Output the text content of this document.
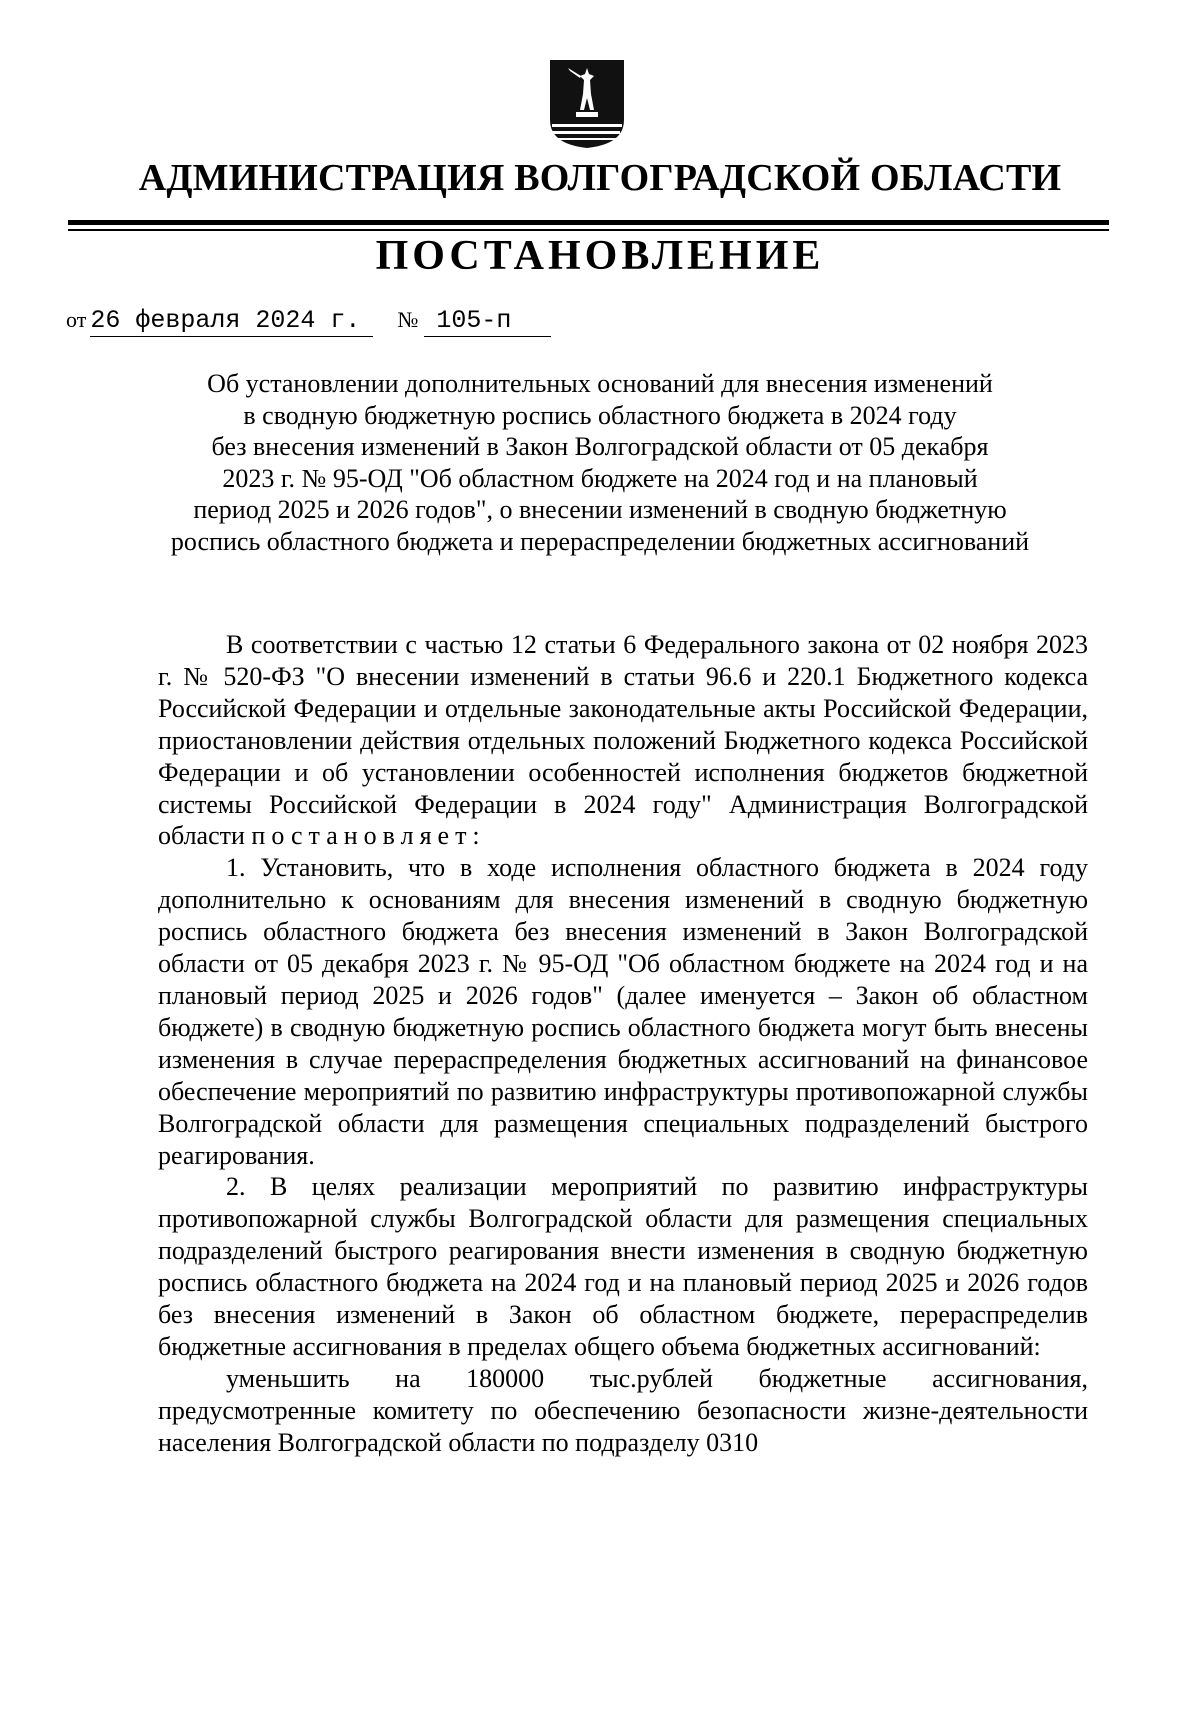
АДМИНИСТРАЦИЯ ВОЛГОГРАДСКОЙ ОБЛАСТИ
ПОСТАНОВЛЕНИЕ
от 26 февраля 2024 г. № 105-п
Об установлении дополнительных оснований для внесения изменений
в сводную бюджетную роспись областного бюджета в 2024 году
без внесения изменений в Закон Волгоградской области от 05 декабря
2023 г. № 95-ОД "Об областном бюджете на 2024 год и на плановый
период 2025 и 2026 годов", о внесении изменений в сводную бюджетную
роспись областного бюджета и перераспределении бюджетных ассигнований

В соответствии с частью 12 статьи 6 Федерального закона от 02 ноября 2023 г. № 520-ФЗ "О внесении изменений в статьи 96.6 и 220.1 Бюджетного кодекса Российской Федерации и отдельные законодательные акты Российской Федерации, приостановлении действия отдельных положений Бюджетного кодекса Российской Федерации и об установлении особенностей исполнения бюджетов бюджетной системы Российской Федерации в 2024 году" Администрация Волгоградской области постановляет:

1. Установить, что в ходе исполнения областного бюджета в 2024 году дополнительно к основаниям для внесения изменений в сводную бюджетную роспись областного бюджета без внесения изменений в Закон Волгоградской области от 05 декабря 2023 г. № 95-ОД "Об областном бюджете на 2024 год и на плановый период 2025 и 2026 годов" (далее именуется – Закон об областном бюджете) в сводную бюджетную роспись областного бюджета могут быть внесены изменения в случае перераспределения бюджетных ассигнований на финансовое обеспечение мероприятий по развитию инфраструктуры противопожарной службы Волгоградской области для размещения специальных подразделений быстрого реагирования.

2. В целях реализации мероприятий по развитию инфраструктуры противопожарной службы Волгоградской области для размещения специальных подразделений быстрого реагирования внести изменения в сводную бюджетную роспись областного бюджета на 2024 год и на плановый период 2025 и 2026 годов без внесения изменений в Закон об областном бюджете, перераспределив бюджетные ассигнования в пределах общего объема бюджетных ассигнований:

уменьшить на 180000 тыс.рублей бюджетные ассигнования, предусмотренные комитету по обеспечению безопасности жизне-деятельности населения Волгоградской области по подразделу 0310
